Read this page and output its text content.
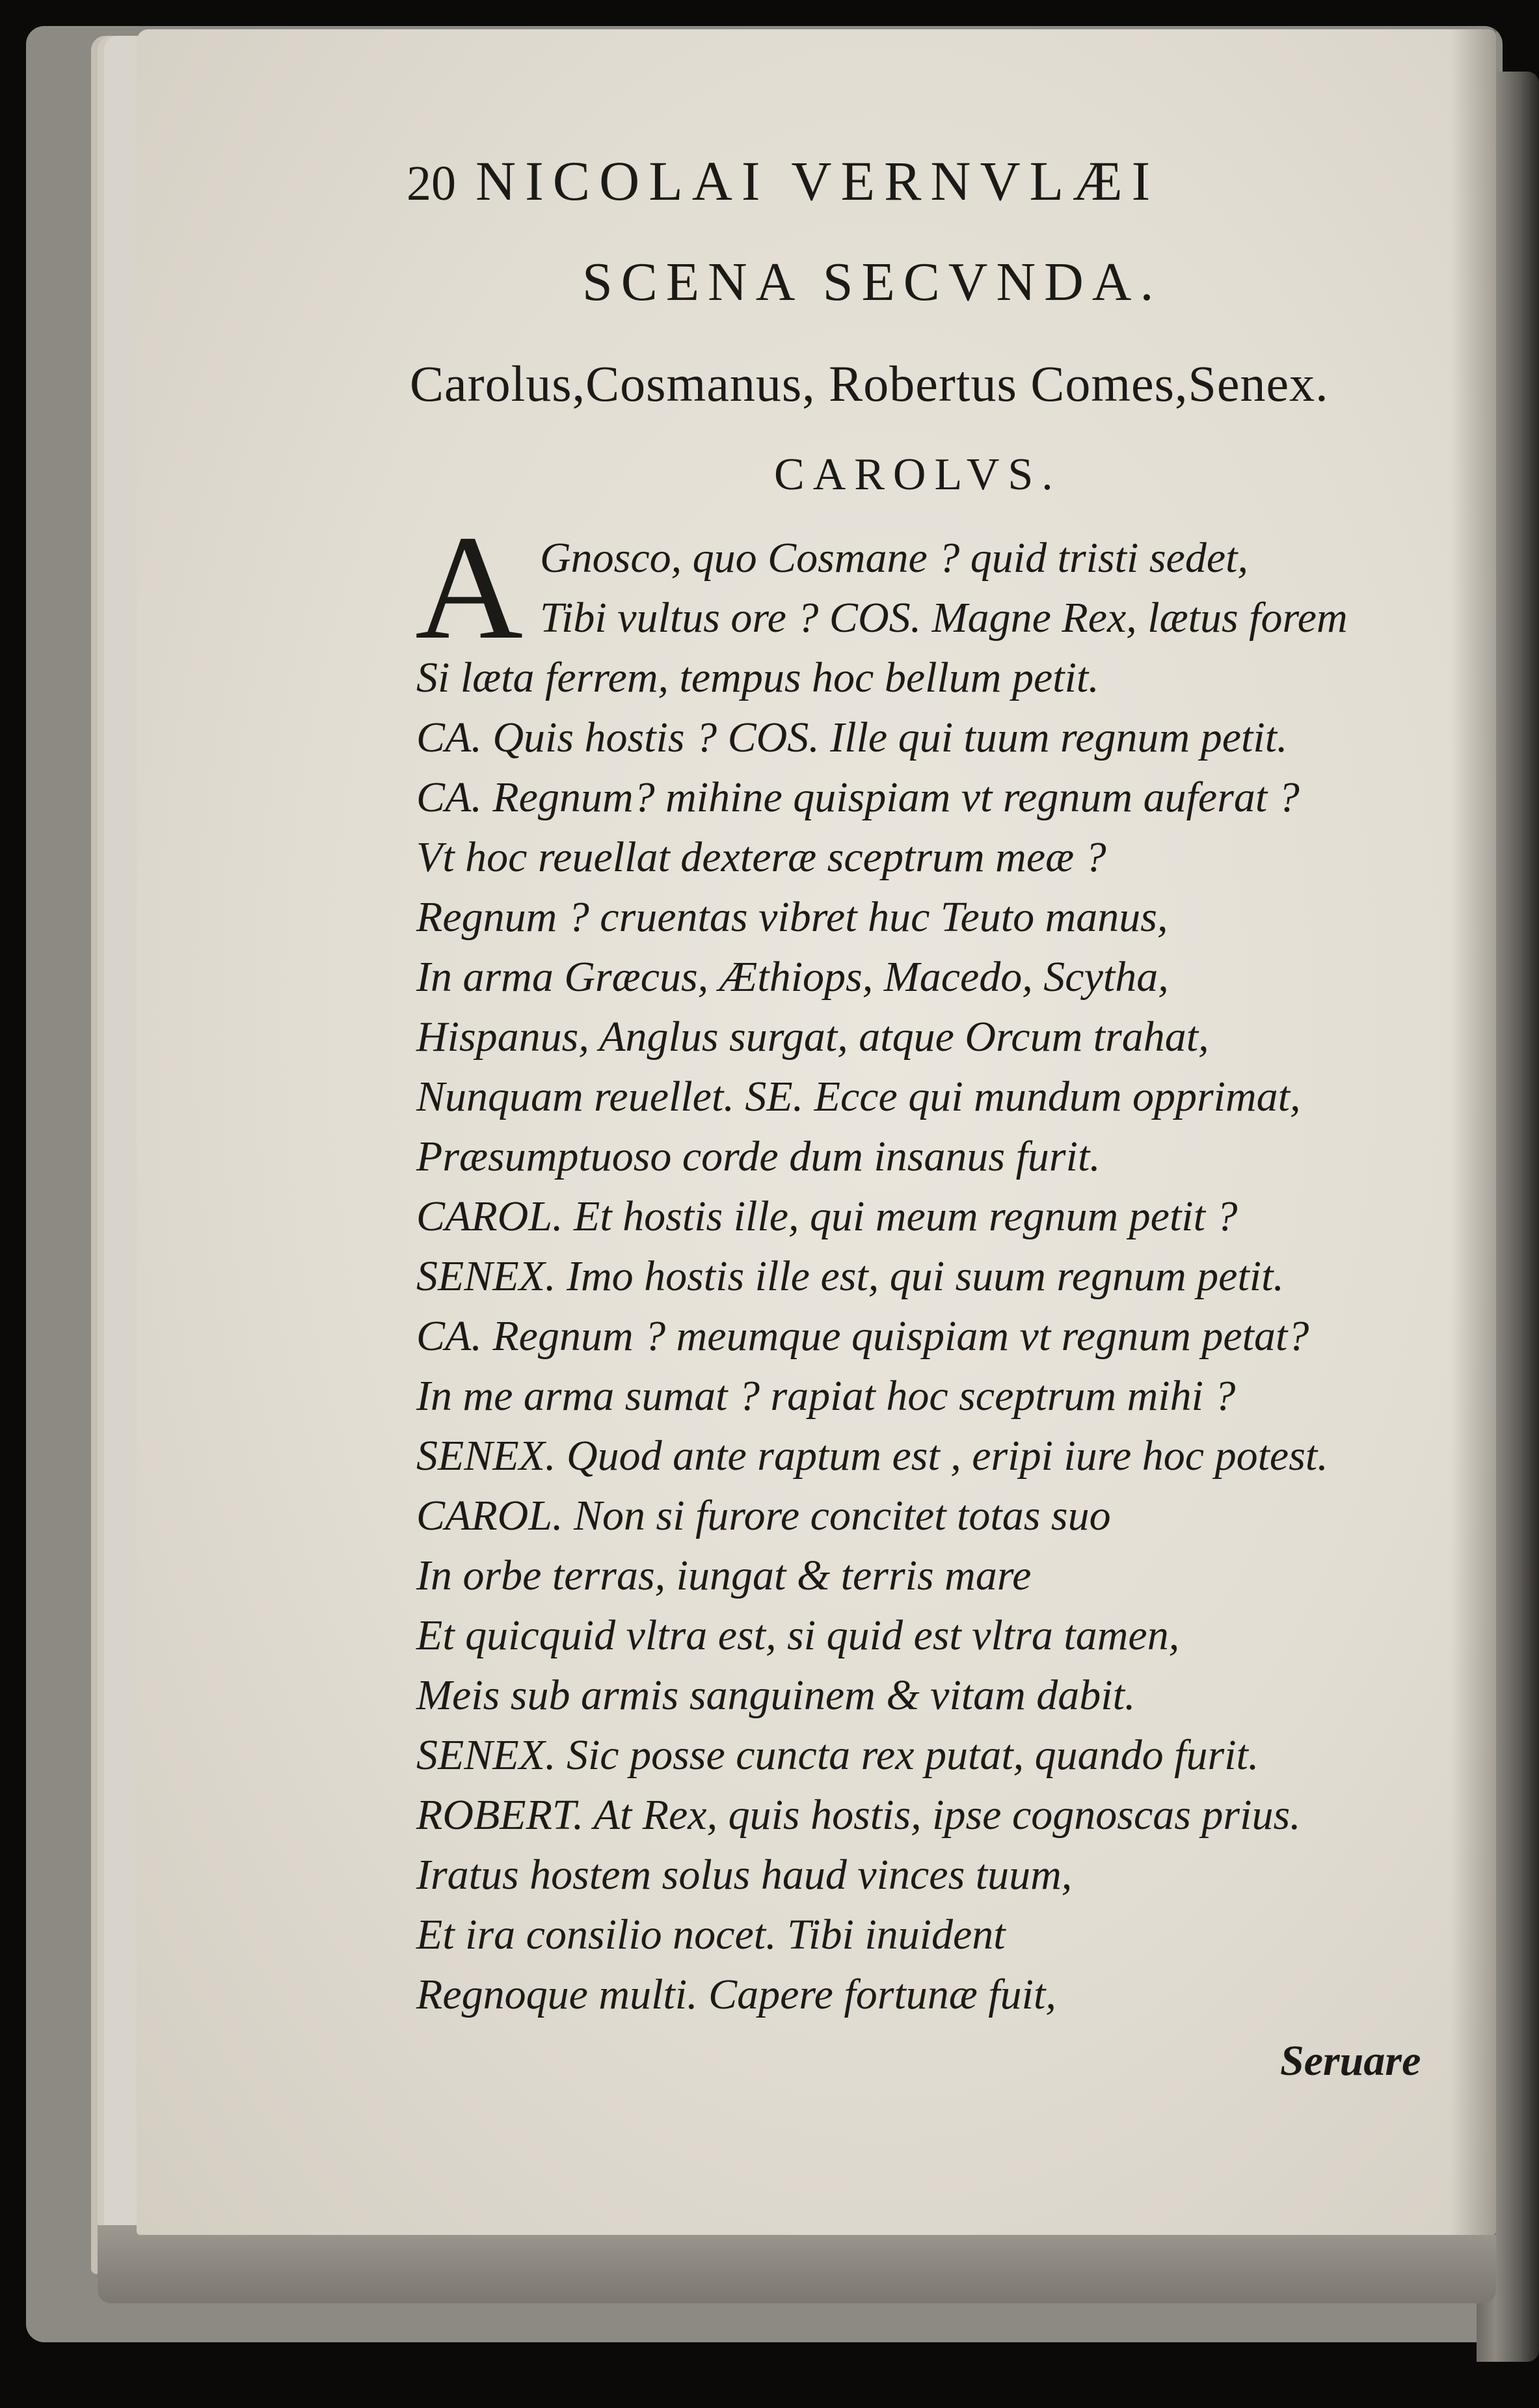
20 NICOLAI VERNVLÆI
SCENA SECVNDA.
Carolus,Cosmanus, Robertus Comes,Senex.
CAROLVS.
A Gnosco, quo Cosmane ? quid tristi sedet,
Tibi vultus ore ? COS. Magne Rex, lætus forem
Si læta ferrem, tempus hoc bellum petit.
CA. Quis hostis ? COS. Ille qui tuum regnum petit.
CA. Regnum? mihine quispiam vt regnum auferat ?
Vt hoc reuellat dexteræ sceptrum meæ ?
Regnum ? cruentas vibret huc Teuto manus,
In arma Græcus, Æthiops, Macedo, Scytha,
Hispanus, Anglus surgat, atque Orcum trahat,
Nunquam reuellet. SE. Ecce qui mundum opprimat,
Præsumptuoso corde dum insanus furit.
CAROL. Et hostis ille, qui meum regnum petit ?
SENEX. Imo hostis ille est, qui suum regnum petit.
CA. Regnum ? meumque quispiam vt regnum petat?
In me arma sumat ? rapiat hoc sceptrum mihi ?
SENEX. Quod ante raptum est , eripi iure hoc potest.
CAROL. Non si furore concitet totas suo
In orbe terras, iungat & terris mare
Et quicquid vltra est, si quid est vltra tamen,
Meis sub armis sanguinem & vitam dabit.
SENEX. Sic posse cuncta rex putat, quando furit.
ROBERT. At Rex, quis hostis, ipse cognoscas prius.
Iratus hostem solus haud vinces tuum,
Et ira consilio nocet. Tibi inuident
Regnoque multi. Capere fortunæ fuit,
Seruare
